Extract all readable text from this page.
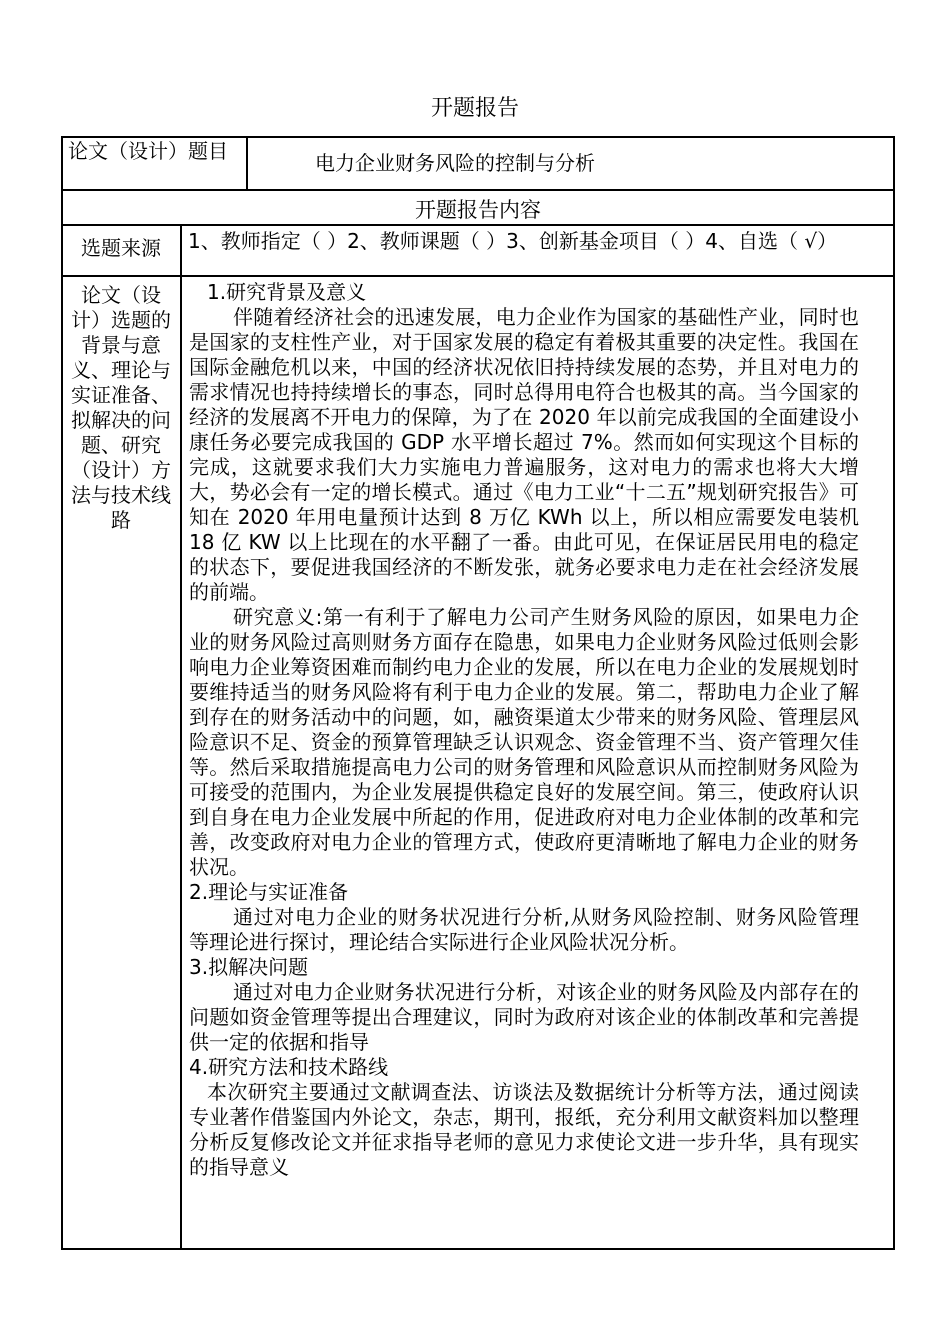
开题报告
论文（设计）题目	电力企业财务风险的控制与分析
开题报告内容
选题来源	1、教师指定（ ）2、教师课题（ ）3、创新基金项目（ ）4、自选（ √）
论文（设计）选题的背景与意义、理论与实证准备、拟解决的问题、研究（设计）方法与技术线路

1.研究背景及意义

伴随着经济社会的迅速发展，电力企业作为国家的基础性产业，同时也是国家的支柱性产业，对于国家发展的稳定有着极其重要的决定性。我国在国际金融危机以来，中国的经济状况依旧持持续发展的态势，并且对电力的需求情况也持持续增长的事态，同时总得用电符合也极其的高。当今国家的经济的发展离不开电力的保障，为了在 2020 年以前完成我国的全面建设小康任务必要完成我国的 GDP 水平增长超过 7%。然而如何实现这个目标的完成，这就要求我们大力实施电力普遍服务，这对电力的需求也将大大增大，势必会有一定的增长模式。通过《电力工业“十二五”规划研究报告》可知在 2020 年用电量预计达到 8 万亿 KWh 以上，所以相应需要发电装机 18 亿 KW 以上比现在的水平翻了一番。由此可见，在保证居民用电的稳定的状态下，要促进我国经济的不断发张，就务必要求电力走在社会经济发展的前端。

研究意义:第一有利于了解电力公司产生财务风险的原因，如果电力企业的财务风险过高则财务方面存在隐患，如果电力企业财务风险过低则会影响电力企业筹资困难而制约电力企业的发展，所以在电力企业的发展规划时要维持适当的财务风险将有利于电力企业的发展。第二，帮助电力企业了解到存在的财务活动中的问题，如，融资渠道太少带来的财务风险、管理层风险意识不足、资金的预算管理缺乏认识观念、资金管理不当、资产管理欠佳等。然后采取措施提高电力公司的财务管理和风险意识从而控制财务风险为可接受的范围内，为企业发展提供稳定良好的发展空间。第三，使政府认识到自身在电力企业发展中所起的作用，促进政府对电力企业体制的改革和完善，改变政府对电力企业的管理方式，使政府更清晰地了解电力企业的财务状况。

2.理论与实证准备

通过对电力企业的财务状况进行分析,从财务风险控制、财务风险管理等理论进行探讨，理论结合实际进行企业风险状况分析。

3.拟解决问题

通过对电力企业财务状况进行分析，对该企业的财务风险及内部存在的问题如资金管理等提出合理建议，同时为政府对该企业的体制改革和完善提供一定的依据和指导

4.研究方法和技术路线

本次研究主要通过文献调查法、访谈法及数据统计分析等方法，通过阅读专业著作借鉴国内外论文，杂志，期刊，报纸，充分利用文献资料加以整理分析反复修改论文并征求指导老师的意见力求使论文进一步升华，具有现实的指导意义
